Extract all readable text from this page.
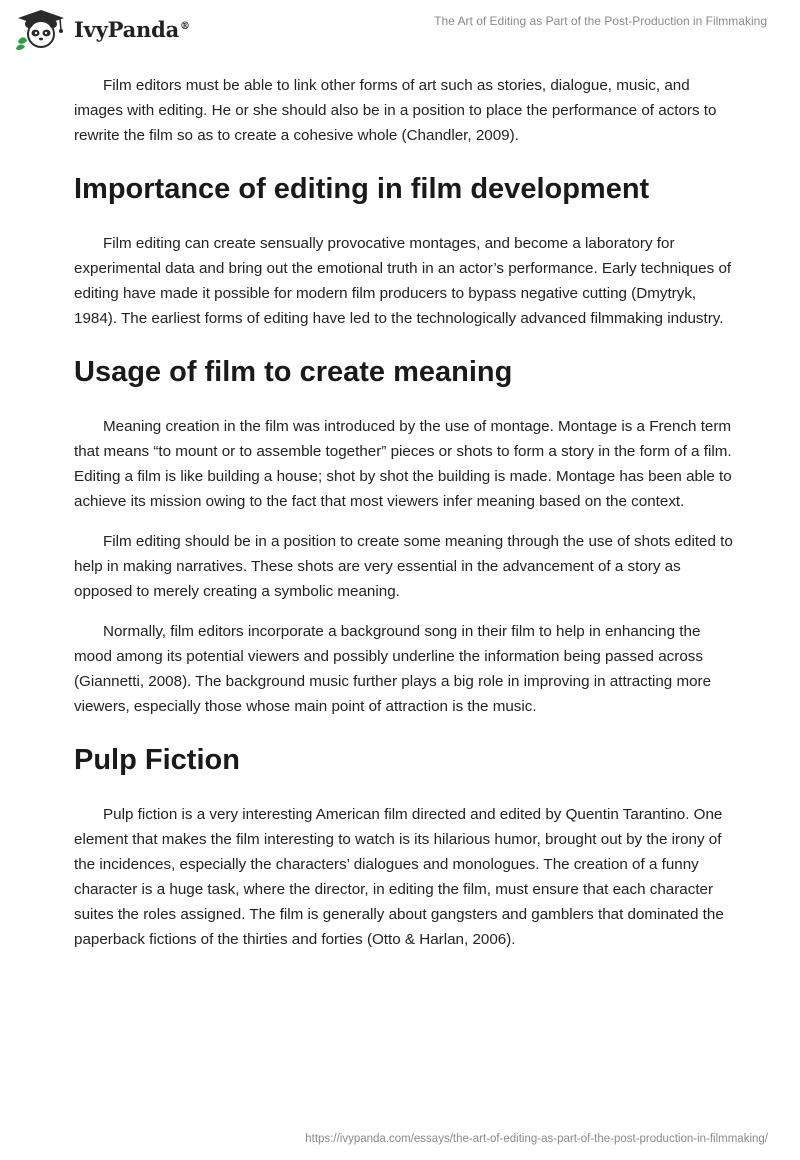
IvyPanda®	The Art of Editing as Part of the Post-Production in Filmmaking

Film editors must be able to link other forms of art such as stories, dialogue, music, and images with editing. He or she should also be in a position to place the performance of actors to rewrite the film so as to create a cohesive whole (Chandler, 2009).

Importance of editing in film development

Film editing can create sensually provocative montages, and become a laboratory for experimental data and bring out the emotional truth in an actor’s performance. Early techniques of editing have made it possible for modern film producers to bypass negative cutting (Dmytryk, 1984). The earliest forms of editing have led to the technologically advanced filmmaking industry.

Usage of film to create meaning

Meaning creation in the film was introduced by the use of montage. Montage is a French term that means “to mount or to assemble together” pieces or shots to form a story in the form of a film. Editing a film is like building a house; shot by shot the building is made. Montage has been able to achieve its mission owing to the fact that most viewers infer meaning based on the context.

Film editing should be in a position to create some meaning through the use of shots edited to help in making narratives. These shots are very essential in the advancement of a story as opposed to merely creating a symbolic meaning.

Normally, film editors incorporate a background song in their film to help in enhancing the mood among its potential viewers and possibly underline the information being passed across (Giannetti, 2008). The background music further plays a big role in improving in attracting more viewers, especially those whose main point of attraction is the music.

Pulp Fiction

Pulp fiction is a very interesting American film directed and edited by Quentin Tarantino. One element that makes the film interesting to watch is its hilarious humor, brought out by the irony of the incidences, especially the characters’ dialogues and monologues. The creation of a funny character is a huge task, where the director, in editing the film, must ensure that each character suites the roles assigned. The film is generally about gangsters and gamblers that dominated the paperback fictions of the thirties and forties (Otto & Harlan, 2006).

https://ivypanda.com/essays/the-art-of-editing-as-part-of-the-post-production-in-filmmaking/
